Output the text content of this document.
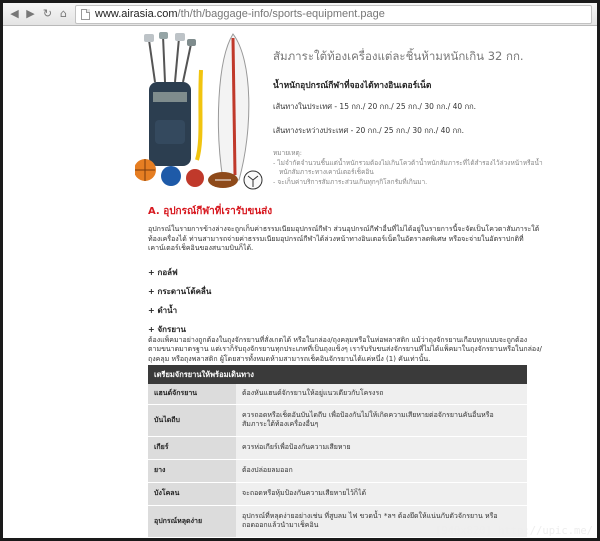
◀ ▶ ↻ ⌂	www.airasia.com/th/th/baggage-info/sports-equipment.page

สัมภาระใต้ท้องเครื่องแต่ละชิ้นห้ามหนักเกิน 32 กก.

น้ำหนักอุปกรณ์กีฬาที่จองได้ทางอินเตอร์เน็ต

เส้นทางในประเทศ - 15 กก./ 20 กก./ 25 กก./ 30 กก./ 40 กก.

เส้นทางระหว่างประเทศ - 20 กก./ 25 กก./ 30 กก./ 40 กก.

หมายเหตุ:
- ไม่จำกัดจำนวนชิ้นแต่น้ำหนักรวมต้องไม่เกินโควต้าน้ำหนักสัมภาระที่ได้สำรองไว้ล่วงหน้าหรือน้ำ
หนักสัมภาระทางเคาน์เตอร์เช็คอิน
- จะเก็บค่าบริการสัมภาระส่วนเกินทุกๆกิโลกรัมที่เกินมา.

A. อุปกรณ์กีฬาที่เรารับขนส่ง

อุปกรณ์ในรายการข้างล่างจะถูกเก็บค่าธรรมเนียมอุปกรณ์กีฬา ส่วนอุปกรณ์กีฬาอื่นที่ไม่ได้อยู่ในรายการนี้จะจัดเป็นโควตาสัมภาระใต้
ท้องเครื่องได้ ท่านสามารถจ่ายค่าธรรมเนียมอุปกรณ์กีฬาได้ล่วงหน้าทางอินเตอร์เน็ตในอัตราลดพิเศษ หรือจะจ่ายในอัตราปกติที่
เคาน์เตอร์เช็คอินของสนามบินก็ได้.
+ กอล์ฟ
+ กระดานโต้คลื่น
+ ดำน้ำ
+ จักรยาน
ต้องแพ็คมาอย่างถูกต้องในถุงจักรยานที่สั่งเกตได้ หรือในกล่อง/ถุงคลุมหรือในห่อพลาสติก แม้ว่าถุงจักรยานเกือบทุกแบบจะถูกต้อง
ตามขนาดมาตรฐาน แต่เราก็รับถุงจักรยานทุกประเภทที่เป็นถุงแข็งๆ เรารับรับขนส่งจักรยานที่ไม่ได้แพ็คมาในถุงจักรยานหรือในกล่อง/
ถุงคลุม หรือถุงพลาสติก ผู้โดยสารทั้งหมดห้ามสามารถเช็คอินจักรยานได้แค่หนึ่ง (1) คันเท่านั้น.
เตรียมจักรยานให้พร้อมเดินทาง	
แฮนด์จักรยาน	ต้องหันแฮนด์จักรยานให้อยู่แนวเดียวกับโครงรถ

บันไดถีบ	ควรถอดหรือเช็ดอันบันไดถีบ เพื่อป้องกันไม่ให้เกิดความเสียหายต่อจักรยานคันอื่นหรือ
สัมภาระใต้ท้องเครื่องอื่นๆ

เกียร์	ควรห่อเกียร์เพื่อป้องกันความเสียหาย

ยาง	ต้องปล่อยลมออก

บังโคลน	จะถอดหรือหุ้มป้องกันความเสียหายไว้ก็ได้

อุปกรณ์หลุดง่าย	อุปกรณ์ที่หลุดง่ายอย่างเช่น ที่สูบลม ไฟ ขวดน้ำ *ลฯ ต้องยึดให้แน่นกับตัวจักรยาน หรือ
ถอดออกแล้วนำมาเช็คอิน	[940x820] http://upic.me/
